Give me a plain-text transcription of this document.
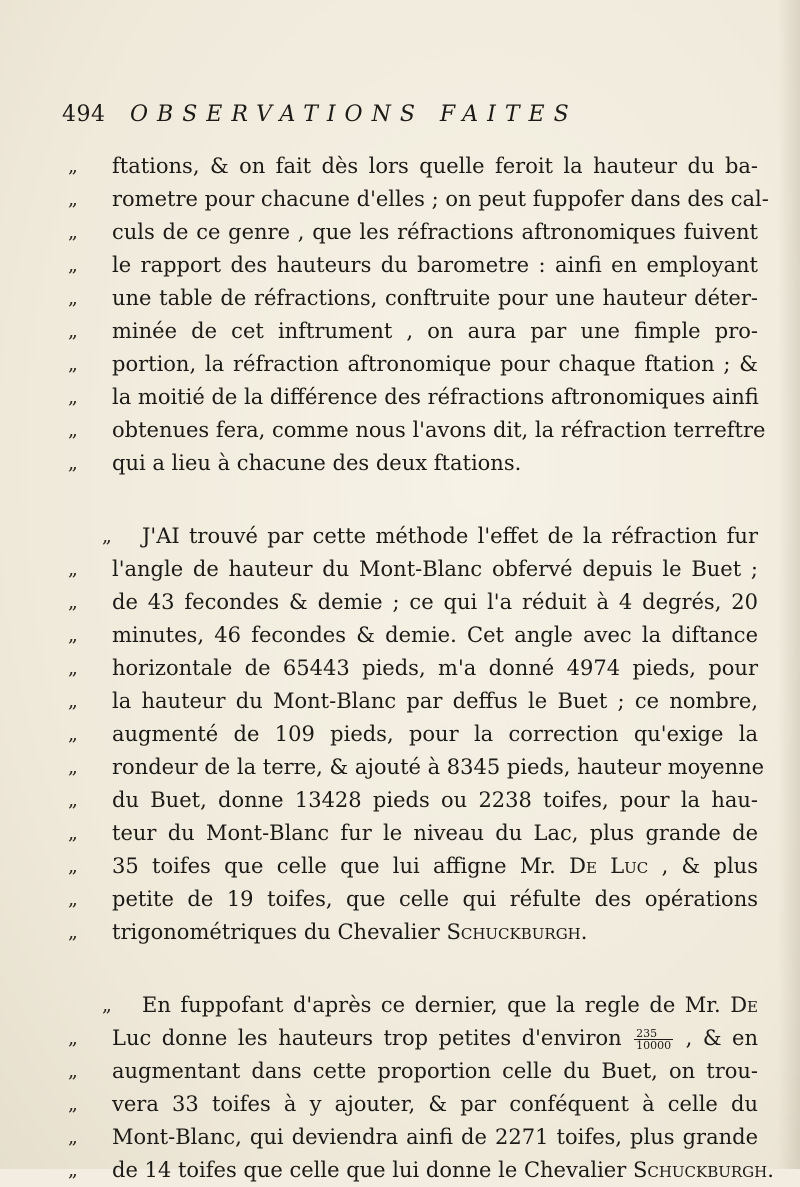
494 OBSERVATIONS FAITES
„	ftations, & on fait dès lors quelle feroit la hauteur du ba-
„	rometre pour chacune d'elles ; on peut fuppofer dans des cal-
„	culs de ce genre , que les réfractions aftronomiques fuivent
„	le rapport des hauteurs du barometre : ainfi en employant
„	une table de réfractions, conftruite pour une hauteur déter-
„	minée de cet inftrument , on aura par une fimple pro-
„	portion, la réfraction aftronomique pour chaque ftation ; &
„	la moitié de la différence des réfractions aftronomiques ainfi
„	obtenues fera, comme nous l'avons dit, la réfraction terreftre
„	qui a lieu à chacune des deux ftations.
„	J'AI trouvé par cette méthode l'effet de la réfraction fur
„	l'angle de hauteur du Mont-Blanc obfervé depuis le Buet ;
„	de 43 fecondes & demie ; ce qui l'a réduit à 4 degrés, 20
„	minutes, 46 fecondes & demie. Cet angle avec la diftance
„	horizontale de 65443 pieds, m'a donné 4974 pieds, pour
„	la hauteur du Mont-Blanc par deffus le Buet ; ce nombre,
„	augmenté de 109 pieds, pour la correction qu'exige la
„	rondeur de la terre, & ajouté à 8345 pieds, hauteur moyenne
„	du Buet, donne 13428 pieds ou 2238 toifes, pour la hau-
„	teur du Mont-Blanc fur le niveau du Lac, plus grande de
„	35 toifes que celle que lui affigne Mr. De Luc , & plus
„	petite de 19 toifes, que celle qui réfulte des opérations
„	trigonométriques du Chevalier Schuckburgh.
„	En fuppofant d'après ce dernier, que la regle de Mr. De
„	Luc donne les hauteurs trop petites d'environ $\frac{235}{10000}$ , & en
„	augmentant dans cette proportion celle du Buet, on trou-
„	vera 33 toifes à y ajouter, & par conféquent à celle du
„	Mont-Blanc, qui deviendra ainfi de 2271 toifes, plus grande
„	de 14 toifes que celle que lui donne le Chevalier Schuckburgh.
